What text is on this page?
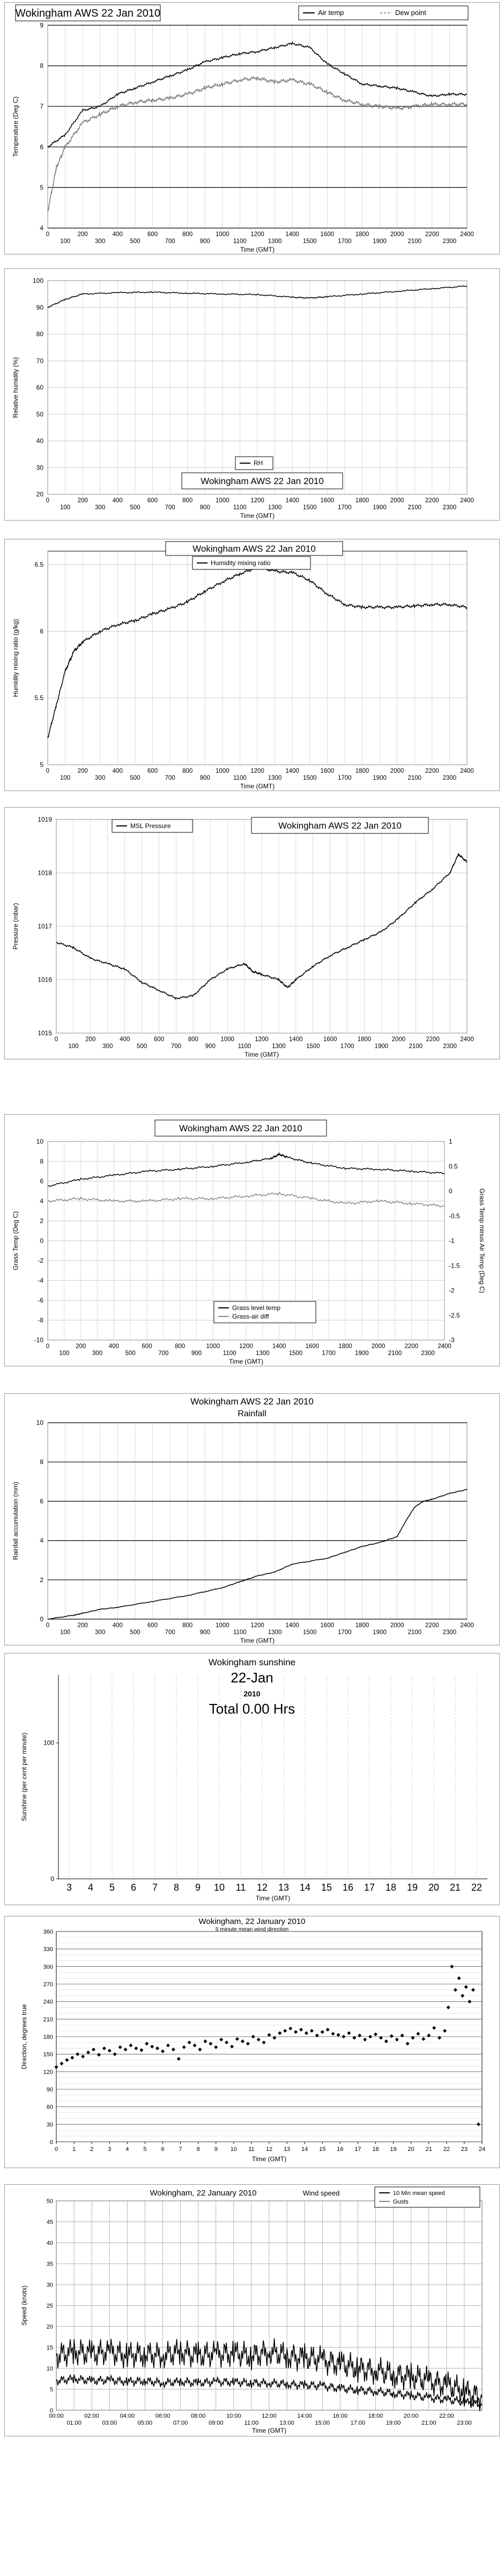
0
100
200
300
400
500
600
700
800
900
1000
1100
1200
1300
1400
1500
1600
1700
1800
1900
2000
2100
2200
2300
2400
4
5
6
7
8
9
Time (GMT)
Temperature (Deg C)
Wokingham AWS 22 Jan 2010	Air temp	Dew point
0
100
200
300
400
500
600
700
800
900
1000
1100
1200
1300
1400
1500
1600
1700
1800
1900
2000
2100
2200
2300
2400
20
30
40
50
60
70
80
90
100
Time (GMT)
Relative humidity (%)
RH
Wokingham AWS 22 Jan 2010
0
100
200
300
400
500
600
700
800
900
1000
1100
1200
1300
1400
1500
1600
1700
1800
1900
2000
2100
2200
2300
2400
5
5.5
6
6.5
Time (GMT)
Humidity mixing ratio (g/kg)
Wokingham AWS 22 Jan 2010
Humidity mixing ratio
0
100
200
300
400
500
600
700
800
900
1000
1100
1200
1300
1400
1500
1600
1700
1800
1900
2000
2100
2200
2300
2400
1015
1016
1017
1018
1019
Time (GMT)
Pressure (mbar)
MSL Pressure	Wokingham AWS 22 Jan 2010
0
100
200
300
400
500
600
700
800
900
1000
1100
1200
1300
1400
1500
1600
1700
1800
1900
2000
2100
2200
2300
2400
-10
-8
-6
-4
-2
0
2
4
6
8
10
-3
-2.5
-2
-1.5
-1
-0.5
0
0.5
1
Time (GMT)
Grass Temp (Deg C)	Grass Temp minus Air Temp (Deg C)
Wokingham AWS 22 Jan 2010
Grass level temp
Grass-air diff
0
100
200
300
400
500
600
700
800
900
1000
1100
1200
1300
1400
1500
1600
1700
1800
1900
2000
2100
2200
2300
2400
0
2
4
6
8
10
Time (GMT)
Rainfall accumulation (mm)
Wokingham AWS 22 Jan 2010
Rainfall
3 4 5 6 7 8 9 10 11 12 13 14 15 16 17 18 19 20 21 22
0
100
Time (GMT)
Sunshine (per cent per minute)
Wokingham sunshine
22-Jan
2010
Total 0.00 Hrs
0
30
60
90
120
150
180
210
240
270
300
330
360
0 1 2 3 4 5 6 7 8 9 10 11 12 13 14 15 16 17 18 19 20 21 22 23 24
Time (GMT)
Direction, degrees true
Wokingham, 22 January 2010
5 minute mean wind direction
0
5
10
15
20
25
30
35
40
45
50
00:00
01:00
02:00
03:00
04:00
05:00
06:00
07:00
08:00
09:00
10:00
11:00
12:00
13:00
14:00
15:00
16:00
17:00
18:00
19:00
20:00
21:00
22:00
23:00
Time (GMT)
Speed (knots)
Wokingham, 22 January 2010	Wind speed	10 Min mean speed
Gusts
